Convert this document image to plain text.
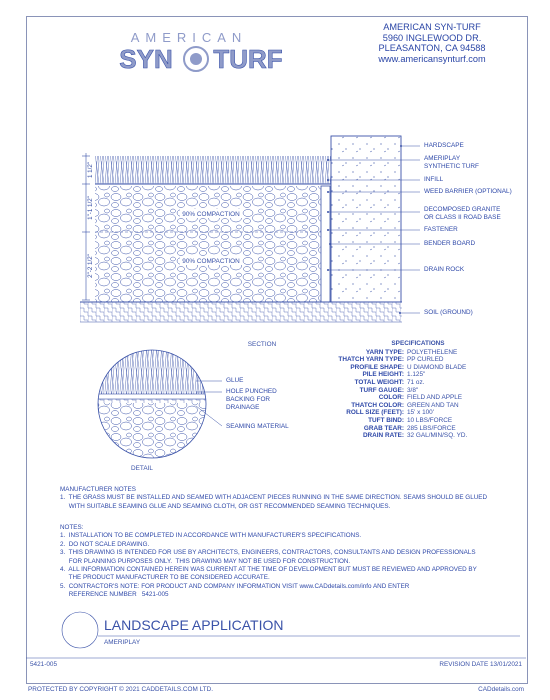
AMERICAN
SYN TURF
AMERICAN SYN-TURF
5960 INGLEWOOD DR.
PLEASANTON, CA 94588
www.americansynturf.com
1 1/2"
1"-1 1/2"
2"-2 1/2"
90% COMPACTION
90% COMPACTION
SECTION
DETAIL
HARDSCAPE
AMERIPLAY
SYNTHETIC TURF
INFILL
WEED BARRIER (OPTIONAL)
DECOMPOSED GRANITE
OR CLASS II ROAD BASE
FASTENER
BENDER BOARD
DRAIN ROCK
SOIL (GROUND)
GLUE
HOLE PUNCHED
BACKING FOR
DRAINAGE
SEAMING MATERIAL
SPECIFICATIONS
YARN TYPE: POLYETHELENE
THATCH YARN TYPE: PP CURLED
PROFILE SHAPE: U DIAMOND BLADE
PILE HEIGHT: 1.125"
TOTAL WEIGHT: 71 oz.
TURF GAUGE: 3/8"
COLOR: FIELD AND APPLE
THATCH COLOR: GREEN AND TAN
ROLL SIZE (FEET): 15' x 100'
TUFT BIND: 10 LBS/FORCE
GRAB TEAR: 285 LBS/FORCE
DRAIN RATE: 32 GAL/MIN/SQ. YD.
MANUFACTURER NOTES
1.  THE GRASS MUST BE INSTALLED AND SEAMED WITH ADJACENT PIECES RUNNING IN THE SAME DIRECTION. SEAMS SHOULD BE GLUED
WITH SUITABLE SEAMING GLUE AND SEAMING CLOTH, OR GST RECOMMENDED SEAMING TECHNIQUES.
NOTES:
1.  INSTALLATION TO BE COMPLETED IN ACCORDANCE WITH MANUFACTURER'S SPECIFICATIONS.
2.  DO NOT SCALE DRAWING.
3.  THIS DRAWING IS INTENDED FOR USE BY ARCHITECTS, ENGINEERS, CONTRACTORS, CONSULTANTS AND DESIGN PROFESSIONALS
FOR PLANNING PURPOSES ONLY.  THIS DRAWING MAY NOT BE USED FOR CONSTRUCTION.
4.  ALL INFORMATION CONTAINED HEREIN WAS CURRENT AT THE TIME OF DEVELOPMENT BUT MUST BE REVIEWED AND APPROVED BY
THE PRODUCT MANUFACTURER TO BE CONSIDERED ACCURATE.
5.  CONTRACTOR'S NOTE: FOR PRODUCT AND COMPANY INFORMATION VISIT www.CADdetails.com/info AND ENTER
REFERENCE NUMBER   5421-005
LANDSCAPE APPLICATION
AMERIPLAY
5421-005	REVISION DATE 13/01/2021
PROTECTED BY COPYRIGHT © 2021 CADDETAILS.COM LTD.	CADdetails.com
